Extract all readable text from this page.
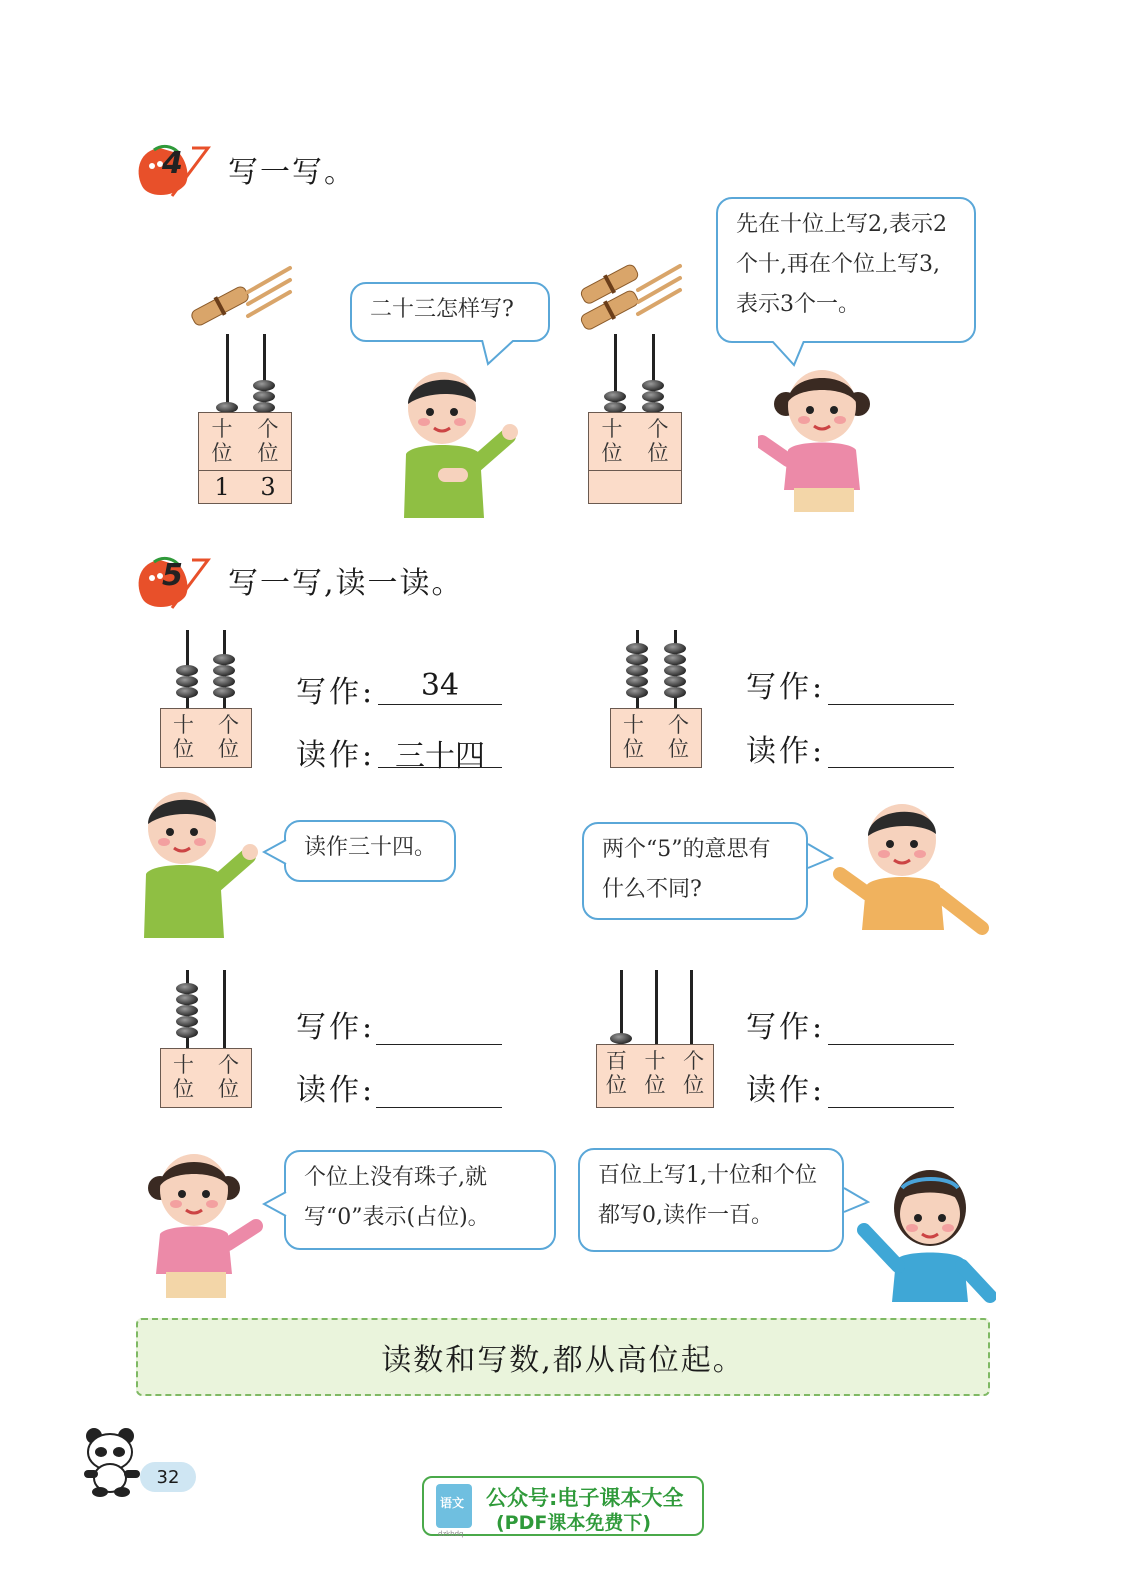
4 写一写。
十位
个位
1 3
二十三怎样写?
十位
个位
先在十位上写2,表示2个十,再在个位上写3,表示3个一。
5 写一写,读一读。
十位
个位
写作:	34
读作: 三十四
十位
个位
写作:
读作:
读作三十四。	两个“5”的意思有什么不同?
十位
个位
写作:
读作:
百位
十位
个位
写作:
读作:
个位上没有珠子,就写“0”表示(占位)。
百位上写1,十位和个位都写0,读作一百。
读数和写数,都从高位起。
32
语文
dzkbdq
公众号:电子课本大全
(PDF课本免费下)
